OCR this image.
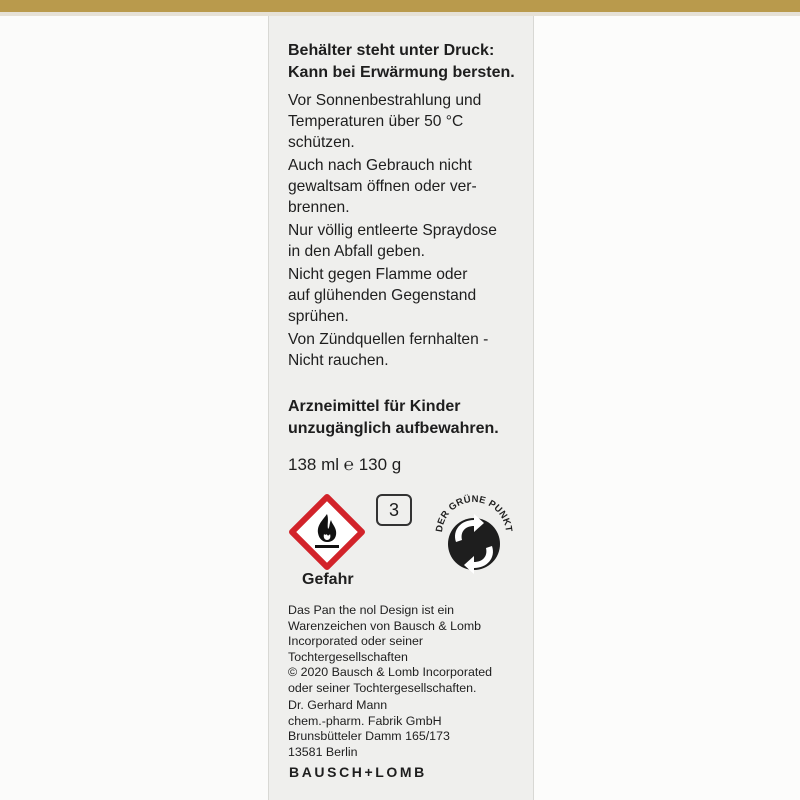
Behälter steht unter Druck:
Kann bei Erwärmung bersten.
Vor Sonnenbestrahlung und
Temperaturen über 50 °C
schützen.
Auch nach Gebrauch nicht
gewaltsam öffnen oder ver-
brennen.
Nur völlig entleerte Spraydose
in den Abfall geben.
Nicht gegen Flamme oder
auf glühenden Gegenstand
sprühen.
Von Zündquellen fernhalten -
Nicht rauchen.
Arzneimittel für Kinder
unzugänglich aufbewahren.
138 ml ℮ 130 g
3
DER GRÜNE PUNKT
Gefahr
Das Pan the nol Design ist ein
Warenzeichen von Bausch & Lomb
Incorporated oder seiner
Tochtergesellschaften
© 2020 Bausch & Lomb Incorporated
oder seiner Tochtergesellschaften.
Dr. Gerhard Mann
chem.-pharm. Fabrik GmbH
Brunsbütteler Damm 165/173
13581 Berlin
BAUSCH+LOMB
